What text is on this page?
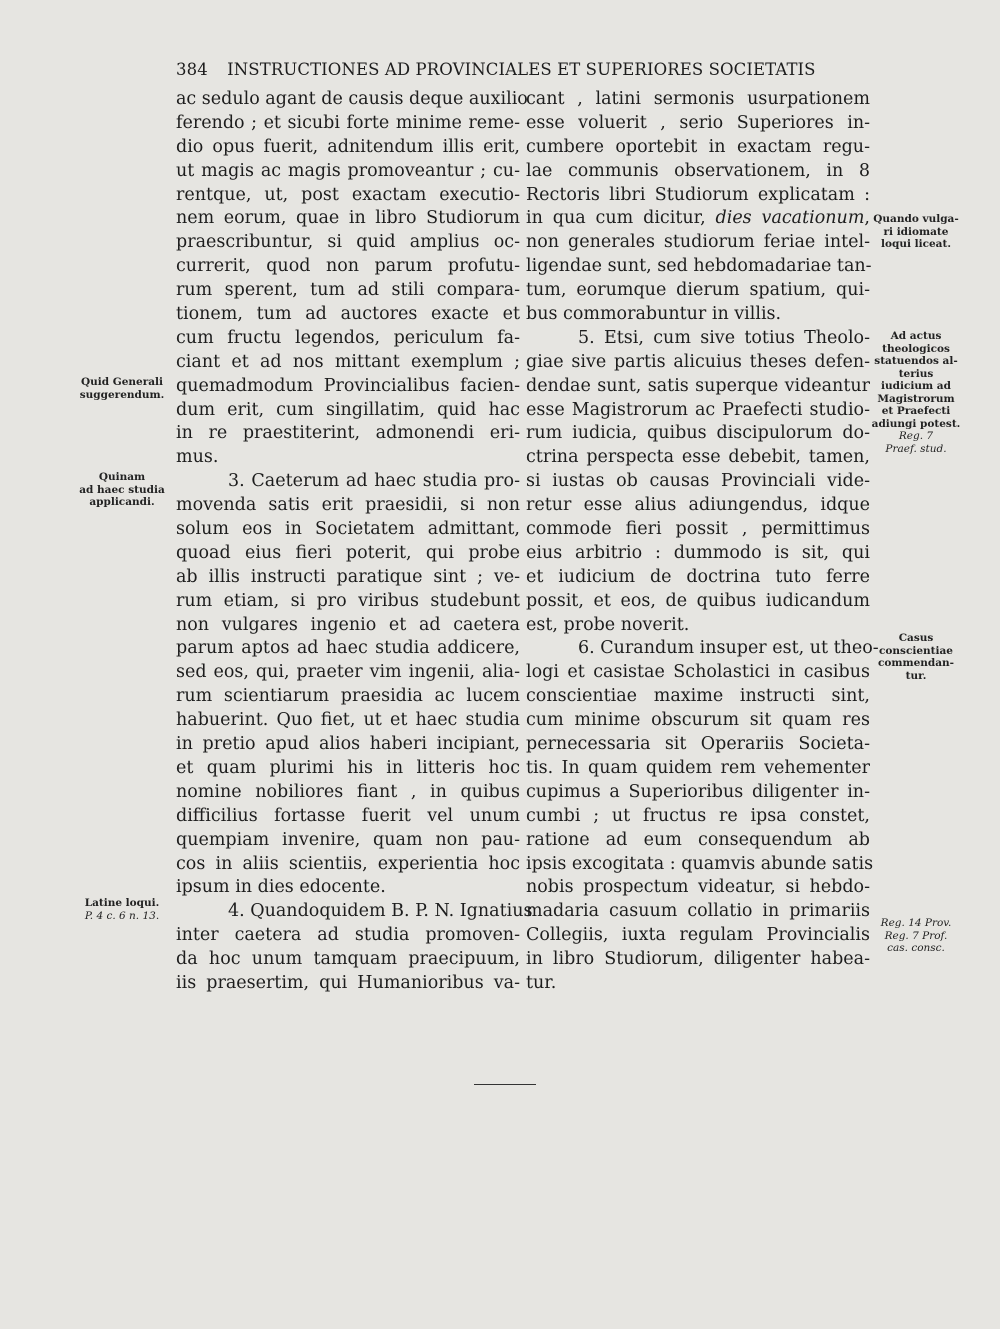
384 INSTRUCTIONES AD PROVINCIALES ET SUPERIORES SOCIETATIS
ac sedulo agant de causis deque auxilio
ferendo ; et sicubi forte minime reme-
dio opus fuerit, adnitendum illis erit,
ut magis ac magis promoveantur ; cu-
rentque, ut, post exactam executio-
nem eorum, quae in libro Studiorum
praescribuntur, si quid amplius oc-
currerit, quod non parum profutu-
rum sperent, tum ad stili compara-
tionem, tum ad auctores exacte et
cum fructu legendos, periculum fa-
ciant et ad nos mittant exemplum ;
quemadmodum Provincialibus facien-
dum erit, cum singillatim, quid hac
in re praestiterint, admonendi eri-
mus.
3. Caeterum ad haec studia pro-
movenda satis erit praesidii, si non
solum eos in Societatem admittant,
quoad eius fieri poterit, qui probe
ab illis instructi paratique sint ; ve-
rum etiam, si pro viribus studebunt
non vulgares ingenio et ad caetera
parum aptos ad haec studia addicere,
sed eos, qui, praeter vim ingenii, alia-
rum scientiarum praesidia ac lucem
habuerint. Quo fiet, ut et haec studia
in pretio apud alios haberi incipiant,
et quam plurimi his in litteris hoc
nomine nobiliores fiant , in quibus
difficilius fortasse fuerit vel unum
quempiam invenire, quam non pau-
cos in aliis scientiis, experientia hoc
ipsum in dies edocente.
4. Quandoquidem B. P. N. Ignatius
inter caetera ad studia promoven-
da hoc unum tamquam praecipuum,
iis praesertim, qui Humanioribus va-
cant , latini sermonis usurpationem
esse voluerit , serio Superiores in-
cumbere oportebit in exactam regu-
lae communis observationem, in 8
Rectoris libri Studiorum explicatam :
in qua cum dicitur, dies vacationum,
non generales studiorum feriae intel-
ligendae sunt, sed hebdomadariae tan-
tum, eorumque dierum spatium, qui-
bus commorabuntur in villis.
5. Etsi, cum sive totius Theolo-
giae sive partis alicuius theses defen-
dendae sunt, satis superque videantur
esse Magistrorum ac Praefecti studio-
rum iudicia, quibus discipulorum do-
ctrina perspecta esse debebit, tamen,
si iustas ob causas Provinciali vide-
retur esse alius adiungendus, idque
commode fieri possit , permittimus
eius arbitrio : dummodo is sit, qui
et iudicium de doctrina tuto ferre
possit, et eos, de quibus iudicandum
est, probe noverit.
6. Curandum insuper est, ut theo-
logi et casistae Scholastici in casibus
conscientiae maxime instructi sint,
cum minime obscurum sit quam res
pernecessaria sit Operariis Societa-
tis. In quam quidem rem vehementer
cupimus a Superioribus diligenter in-
cumbi ; ut fructus re ipsa constet,
ratione ad eum consequendum ab
ipsis excogitata : quamvis abunde satis
nobis prospectum videatur, si hebdo-
madaria casuum collatio in primariis
Collegiis, iuxta regulam Provincialis
in libro Studiorum, diligenter habea-
tur.
Quid Generali
suggerendum.
Quinam
ad haec studia
applicandi.
Latine loqui.
P. 4 c. 6 n. 13.
Quando vulga-
ri idiomate
loqui liceat.
Ad actus
theologicos
statuendos al-
terius
iudicium ad
Magistrorum
et Praefecti
adiungi potest.
Reg. 7
Praef. stud.
Casus
conscientiae
commendan-
tur.
Reg. 14 Prov.
Reg. 7 Prof.
cas. consc.
